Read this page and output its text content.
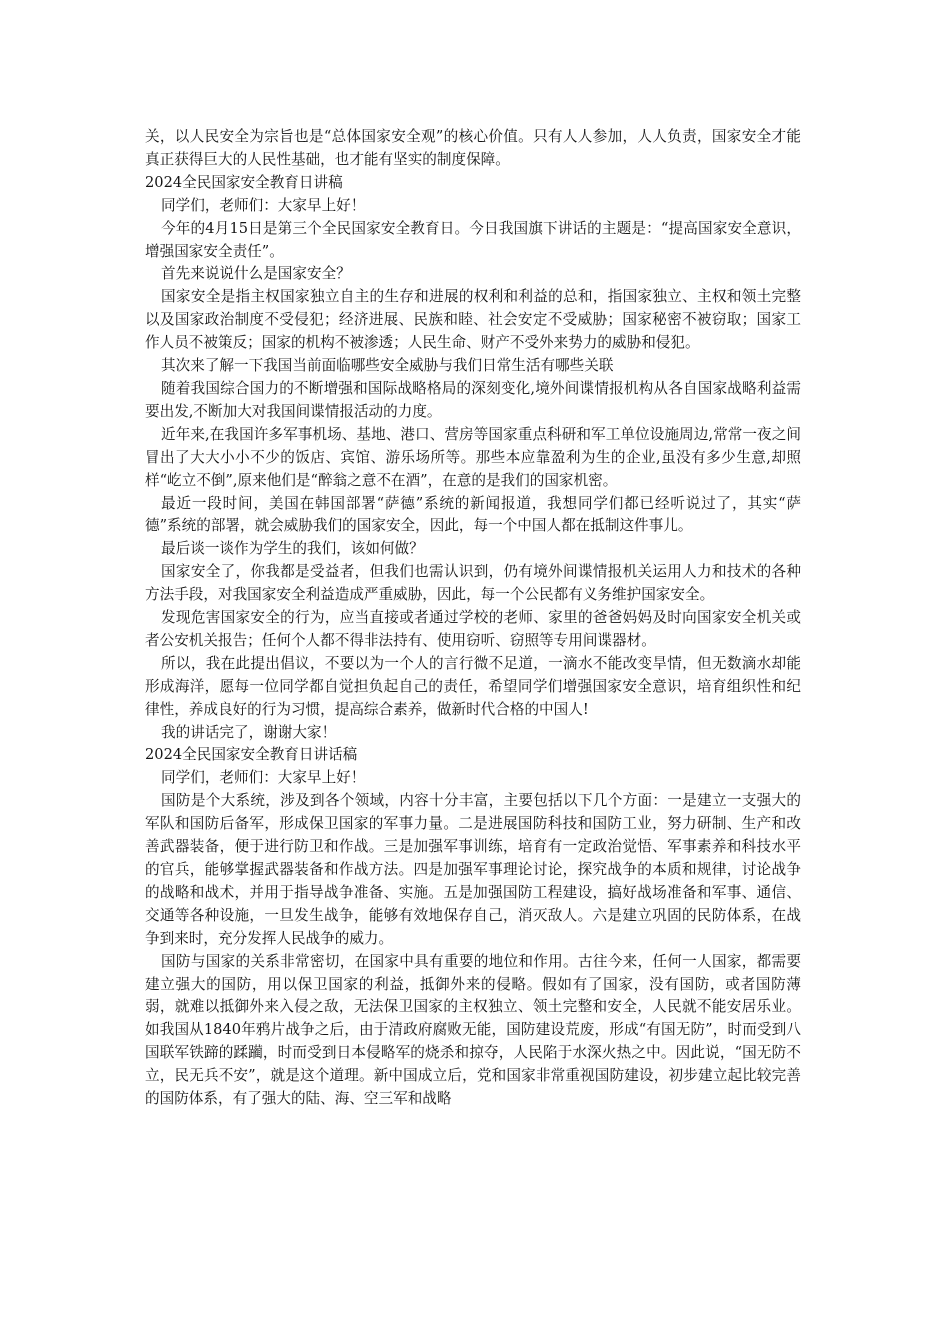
关，以人民安全为宗旨也是“总体国家安全观”的核心价值。只有人人参加，人人负责，国家安全才能真正获得巨大的人民性基础，也才能有坚实的制度保障。

2024全民国家安全教育日讲稿

同学们，老师们：大家早上好！

今年的4月15日是第三个全民国家安全教育日。今日我国旗下讲话的主题是：“提高国家安全意识，增强国家安全责任”。

首先来说说什么是国家安全？

国家安全是指主权国家独立自主的生存和进展的权利和利益的总和，指国家独立、主权和领土完整以及国家政治制度不受侵犯；经济进展、民族和睦、社会安定不受威胁；国家秘密不被窃取；国家工作人员不被策反；国家的机构不被渗透；人民生命、财产不受外来势力的威胁和侵犯。

其次来了解一下我国当前面临哪些安全威胁与我们日常生活有哪些关联

随着我国综合国力的不断增强和国际战略格局的深刻变化,境外间谍情报机构从各自国家战略利益需要出发,不断加大对我国间谍情报活动的力度。

近年来,在我国许多军事机场、基地、港口、营房等国家重点科研和军工单位设施周边,常常一夜之间冒出了大大小小不少的饭店、宾馆、游乐场所等。那些本应靠盈利为生的企业,虽没有多少生意,却照样“屹立不倒”,原来他们是“醉翁之意不在酒”，在意的是我们的国家机密。

最近一段时间，美国在韩国部署“萨德”系统的新闻报道，我想同学们都已经听说过了，其实“萨德”系统的部署，就会威胁我们的国家安全，因此，每一个中国人都在抵制这件事儿。

最后谈一谈作为学生的我们，该如何做？

国家安全了，你我都是受益者，但我们也需认识到，仍有境外间谍情报机关运用人力和技术的各种方法手段，对我国家安全利益造成严重威胁，因此，每一个公民都有义务维护国家安全。

发现危害国家安全的行为，应当直接或者通过学校的老师、家里的爸爸妈妈及时向国家安全机关或者公安机关报告；任何个人都不得非法持有、使用窃听、窃照等专用间谍器材。

所以，我在此提出倡议，不要以为一个人的言行微不足道，一滴水不能改变旱情，但无数滴水却能形成海洋，愿每一位同学都自觉担负起自己的责任，希望同学们增强国家安全意识，培育组织性和纪律性，养成良好的行为习惯，提高综合素养，做新时代合格的中国人!

我的讲话完了，谢谢大家！

2024全民国家安全教育日讲话稿

同学们，老师们：大家早上好！

国防是个大系统，涉及到各个领域，内容十分丰富，主要包括以下几个方面：一是建立一支强大的军队和国防后备军，形成保卫国家的军事力量。二是进展国防科技和国防工业，努力研制、生产和改善武器装备，便于进行防卫和作战。三是加强军事训练，培育有一定政治觉悟、军事素养和科技水平的官兵，能够掌握武器装备和作战方法。四是加强军事理论讨论，探究战争的本质和规律，讨论战争的战略和战术，并用于指导战争准备、实施。五是加强国防工程建设，搞好战场准备和军事、通信、交通等各种设施，一旦发生战争，能够有效地保存自己，消灭敌人。六是建立巩固的民防体系，在战争到来时，充分发挥人民战争的威力。

国防与国家的关系非常密切，在国家中具有重要的地位和作用。古往今来，任何一人国家，都需要建立强大的国防，用以保卫国家的利益，抵御外来的侵略。假如有了国家，没有国防，或者国防薄弱，就难以抵御外来入侵之敌，无法保卫国家的主权独立、领土完整和安全，人民就不能安居乐业。如我国从1840年鸦片战争之后，由于清政府腐败无能，国防建设荒废，形成“有国无防”，时而受到八国联军铁蹄的蹂躏，时而受到日本侵略军的烧杀和掠夺，人民陷于水深火热之中。因此说，“国无防不立，民无兵不安”，就是这个道理。新中国成立后，党和国家非常重视国防建设，初步建立起比较完善的国防体系，有了强大的陆、海、空三军和战略
